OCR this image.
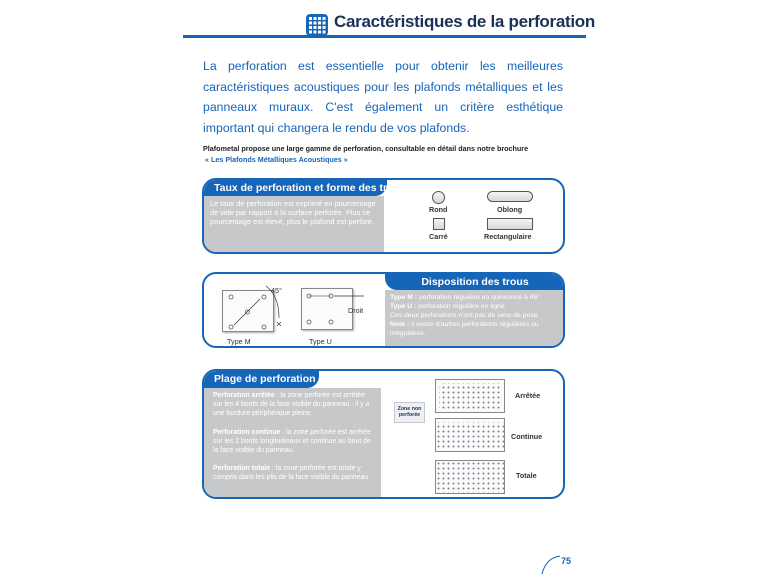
Caractéristiques de la perforation

La perforation est essentielle pour obtenir les meilleures caractéristiques acoustiques pour les plafonds métalliques et les panneaux muraux. C'est également un critère esthétique important qui changera le rendu de vos plafonds.

Plafometal propose une large gamme de perforation, consultable en détail dans notre brochure
« Les Plafonds Métalliques Acoustiques »
Taux de perforation et forme des trous
Le taux de perforation est exprimé en pourcentage de vide par rapport à la surface perforée. Plus ce pourcentage est élevé, plus le plafond est perforé.
Rond	Oblong
Carré	Rectangulaire
Disposition des trous
45°
Droit
Type M	Type U
Type M : perforation régulière en quinconce à 45°
Type U : perforation régulière en ligne
Ces deux perforations n'ont pas de sens de pose.
Note : il existe d'autres perforations régulières ou irrégulières.
Plage de perforation

Perforation arrêtée : la zone perforée est arrêtée sur les 4 bords de la face visible du panneau : il y a une bordure périphérique pleine.

Perforation continue : la zone perforée est arrêtée sur les 2 bords longitudinaux et continue au bout de la face visible du panneau.

Perforation totale : la zone perforée est totale y compris dans les plis de la face visible du panneau.

Zone non perforée
Arrêtée
Continue
Totale
75
